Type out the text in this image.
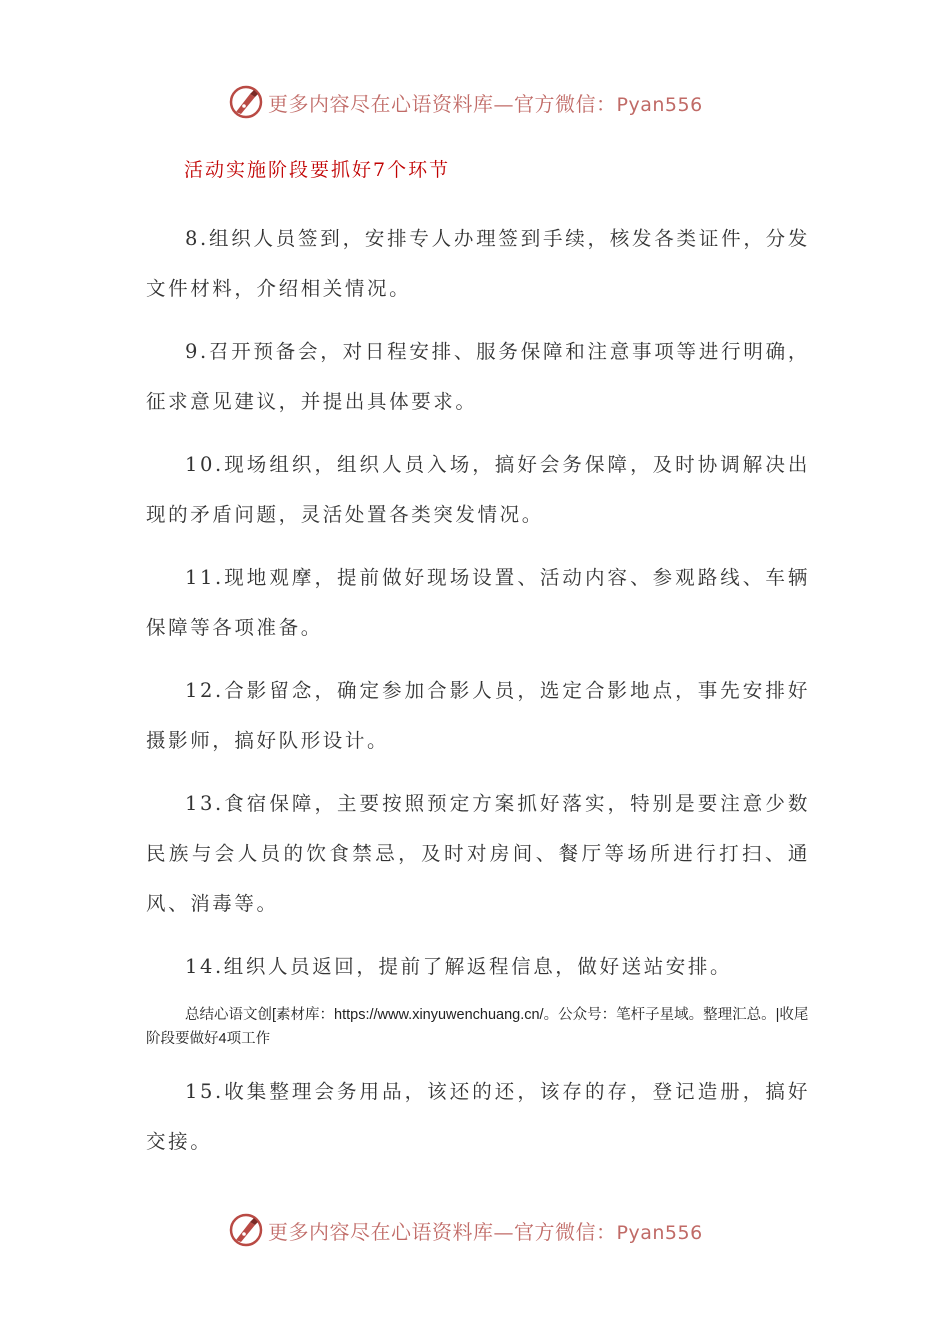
更多内容尽在心语资料库—官方微信：Pyan556
活动实施阶段要抓好7个环节

8.组织人员签到，安排专人办理签到手续，核发各类证件，分发文件材料，介绍相关情况。

9.召开预备会，对日程安排、服务保障和注意事项等进行明确，征求意见建议，并提出具体要求。

10.现场组织，组织人员入场，搞好会务保障，及时协调解决出现的矛盾问题，灵活处置各类突发情况。

11.现地观摩，提前做好现场设置、活动内容、参观路线、车辆保障等各项准备。

12.合影留念，确定参加合影人员，选定合影地点，事先安排好摄影师，搞好队形设计。

13.食宿保障，主要按照预定方案抓好落实，特别是要注意少数民族与会人员的饮食禁忌，及时对房间、餐厅等场所进行打扫、通风、消毒等。

14.组织人员返回，提前了解返程信息，做好送站安排。

总结心语文创[素材库：https://www.xinyuwenchuang.cn/。公众号：笔杆子星域。整理汇总。|收尾阶段要做好4项工作

15.收集整理会务用品，该还的还，该存的存，登记造册，搞好交接。

更多内容尽在心语资料库—官方微信：Pyan556
